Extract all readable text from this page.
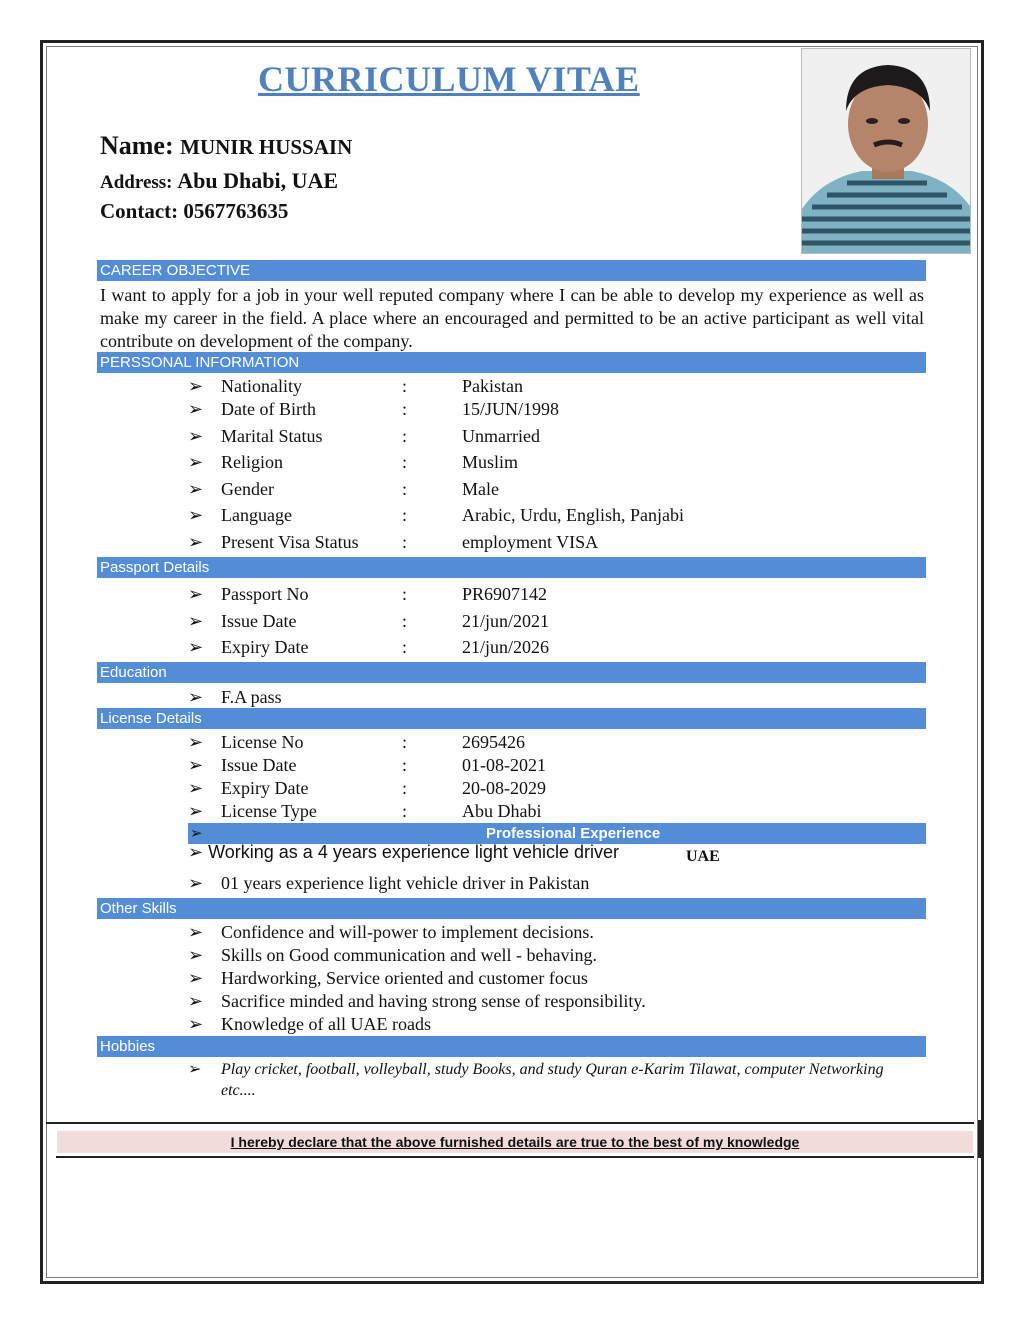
CURRICULUM VITAE
Name: MUNIR HUSSAIN
Address: Abu Dhabi, UAE
Contact: 0567763635
CAREER OBJECTIVE
I want to apply for a job in your well reputed company where I can be able to develop my experience as well as make my career in the field. A place where an encouraged and permitted to be an active participant as well vital contribute on development of the company.
PERSSONAL INFORMATION
➢ Nationality	:	Pakistan
➢ Date of Birth	:	15/JUN/1998
➢ Marital Status	:	Unmarried
➢ Religion	:	Muslim
➢ Gender	:	Male
➢ Language	:	Arabic, Urdu, English, Panjabi
➢ Present Visa Status :	employment VISA
Passport Details
➢ Passport No	:	PR6907142
➢ Issue Date	:	21/jun/2021
➢ Expiry Date	:	21/jun/2026
Education
➢ F.A pass
License Details
➢ License No	:	2695426
➢ Issue Date	:	01-08-2021
➢ Expiry Date	:	20-08-2029
➢ License Type	:	Abu Dhabi
➢	Professional Experience
➢ Working as a 4 years experience light vehicle driver	UAE
➢ 01 years experience light vehicle driver in Pakistan
Other Skills
➢ Confidence and will-power to implement decisions.
➢ Skills on Good communication and well - behaving.
➢ Hardworking, Service oriented and customer focus
➢ Sacrifice minded and having strong sense of responsibility.
➢ Knowledge of all UAE roads
Hobbies
➢ Play cricket, football, volleyball, study Books, and study Quran e-Karim Tilawat, computer Networking etc....
I hereby declare that the above furnished details are true to the best of my knowledge
